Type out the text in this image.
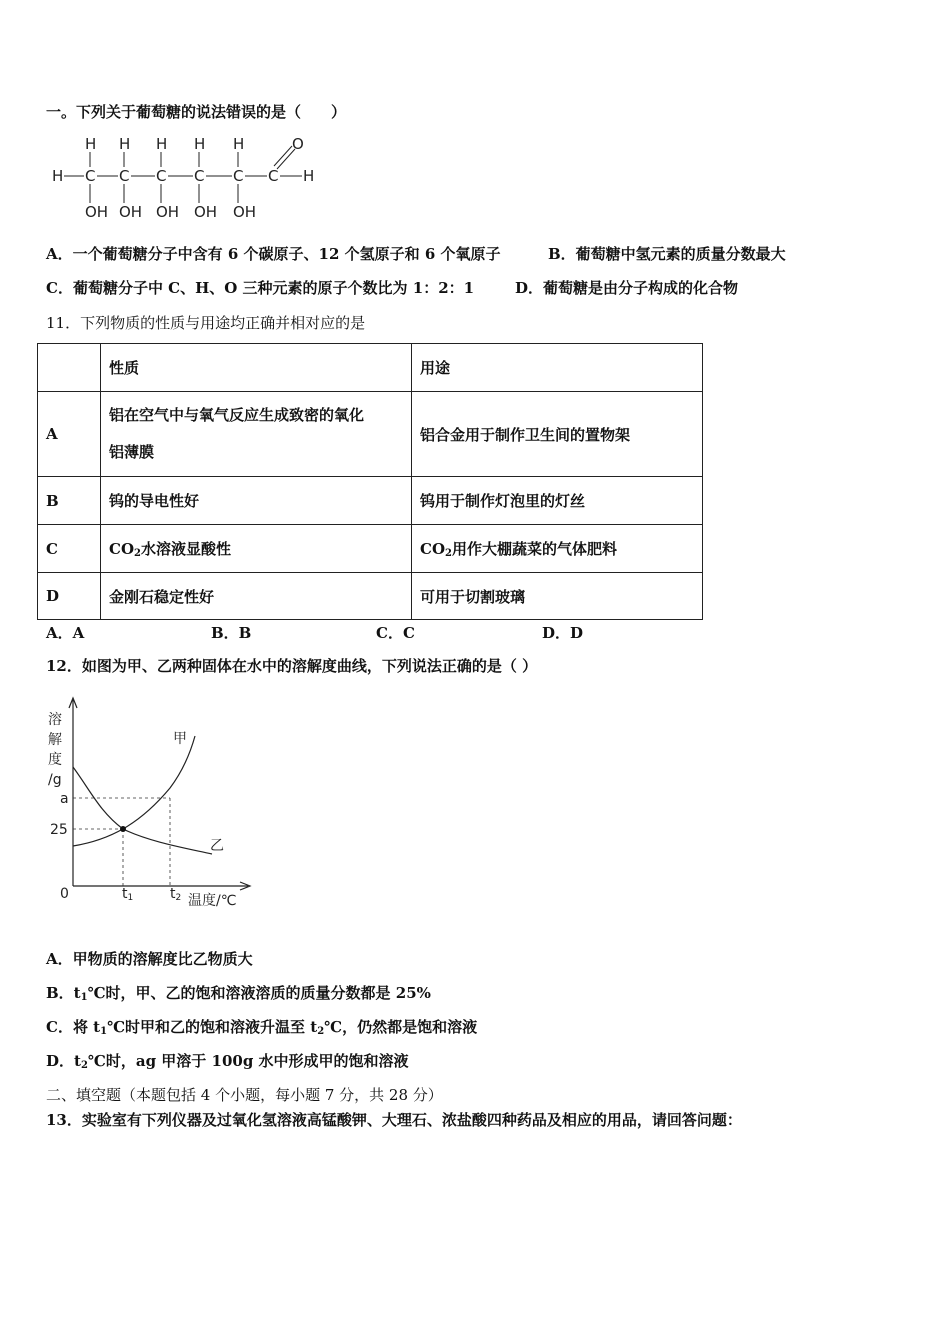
一。下列关于葡萄糖的说法错误的是（　　）
H H H H H	O
H C C C C C C H
OH OH OH OH OH
A．一个葡萄糖分子中含有 6 个碳原子、12 个氢原子和 6 个氧原子	B．葡萄糖中氢元素的质量分数最大
C．葡萄糖分子中 C、H、O 三种元素的原子个数比为 1：2：1	D．葡萄糖是由分子构成的化合物
11．下列物质的性质与用途均正确并相对应的是
	性质	用途
A	铝在空气中与氧气反应生成致密的氧化
铝薄膜	铝合金用于制作卫生间的置物架
B	钨的导电性好	钨用于制作灯泡里的灯丝
C	$CO_2$水溶液显酸性	$CO_2$用作大棚蔬菜的气体肥料
D	金刚石稳定性好	可用于切割玻璃
A．A	B．B	C．C	D．D
12．如图为甲、乙两种固体在水中的溶解度曲线，下列说法正确的是（ ）
溶
解
度
/g
a
25
0	t1	t2 温度/℃
甲
乙
A．甲物质的溶解度比乙物质大
B．$t_1℃$时，甲、乙的饱和溶液溶质的质量分数都是 25%
C．将 $t_1℃$时甲和乙的饱和溶液升温至 $t_2℃$，仍然都是饱和溶液
D．$t_2℃$时，ag 甲溶于 100g 水中形成甲的饱和溶液
二、填空题（本题包括 4 个小题，每小题 7 分，共 28 分）
13．实验室有下列仪器及过氧化氢溶液高锰酸钾、大理石、浓盐酸四种药品及相应的用品，请回答问题：
